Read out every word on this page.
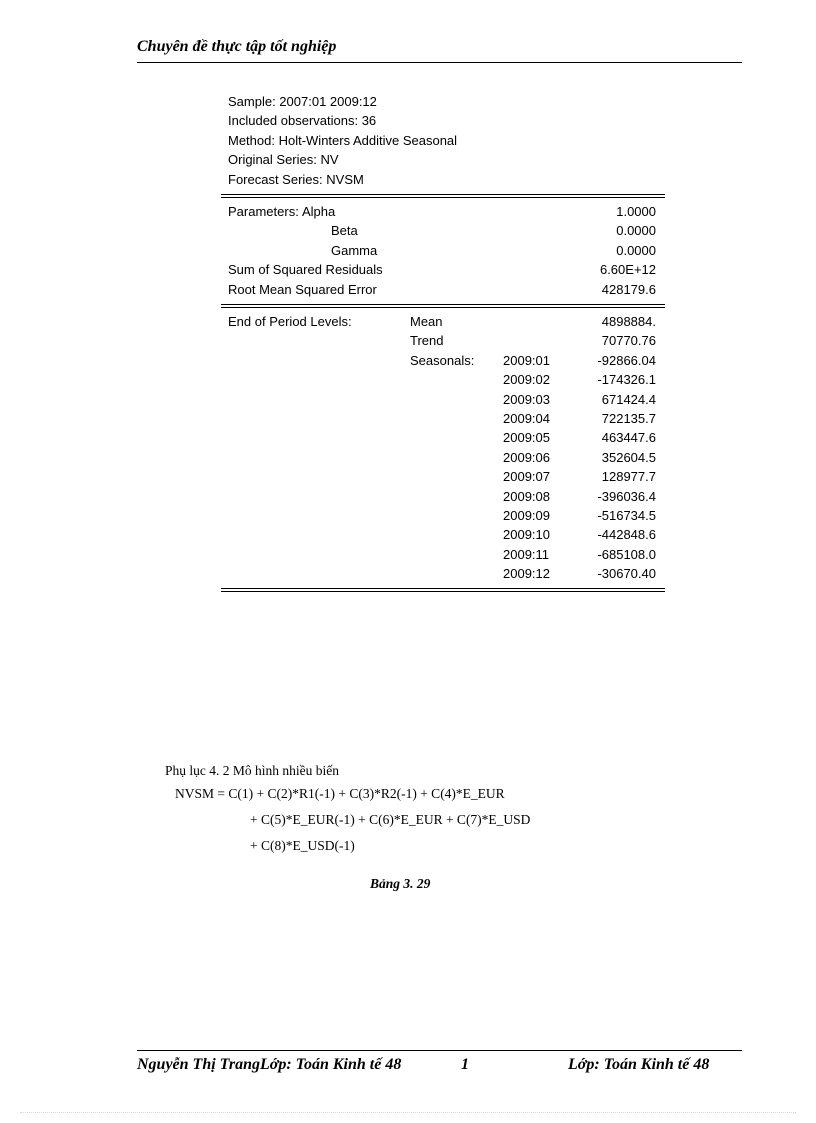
Chuyên đề thực tập tốt nghiệp
Sample: 2007:01 2009:12
Included observations: 36
Method: Holt-Winters Additive Seasonal
Original Series: NV
Forecast Series: NVSM
Parameters: Alpha	1.0000
Beta	0.0000
Gamma	0.0000
Sum of Squared Residuals	6.60E+12
Root Mean Squared Error	428179.6
End of Period Levels:	Mean	4898884.
Trend	70770.76
Seasonals: 2009:01	-92866.04
2009:02	-174326.1
2009:03	671424.4
2009:04	722135.7
2009:05	463447.6
2009:06	352604.5
2009:07	128977.7
2009:08	-396036.4
2009:09	-516734.5
2009:10	-442848.6
2009:11	-685108.0
2009:12	-30670.40
Phụ lục 4. 2 Mô hình nhiều biến
NVSM = C(1) + C(2)*R1(-1) + C(3)*R2(-1) + C(4)*E_EUR
+ C(5)*E_EUR(-1) + C(6)*E_EUR + C(7)*E_USD
+ C(8)*E_USD(-1)
Bảng 3. 29
Nguyễn Thị TrangLớp: Toán Kinh tế 48	1	Lớp: Toán Kinh tế 48
